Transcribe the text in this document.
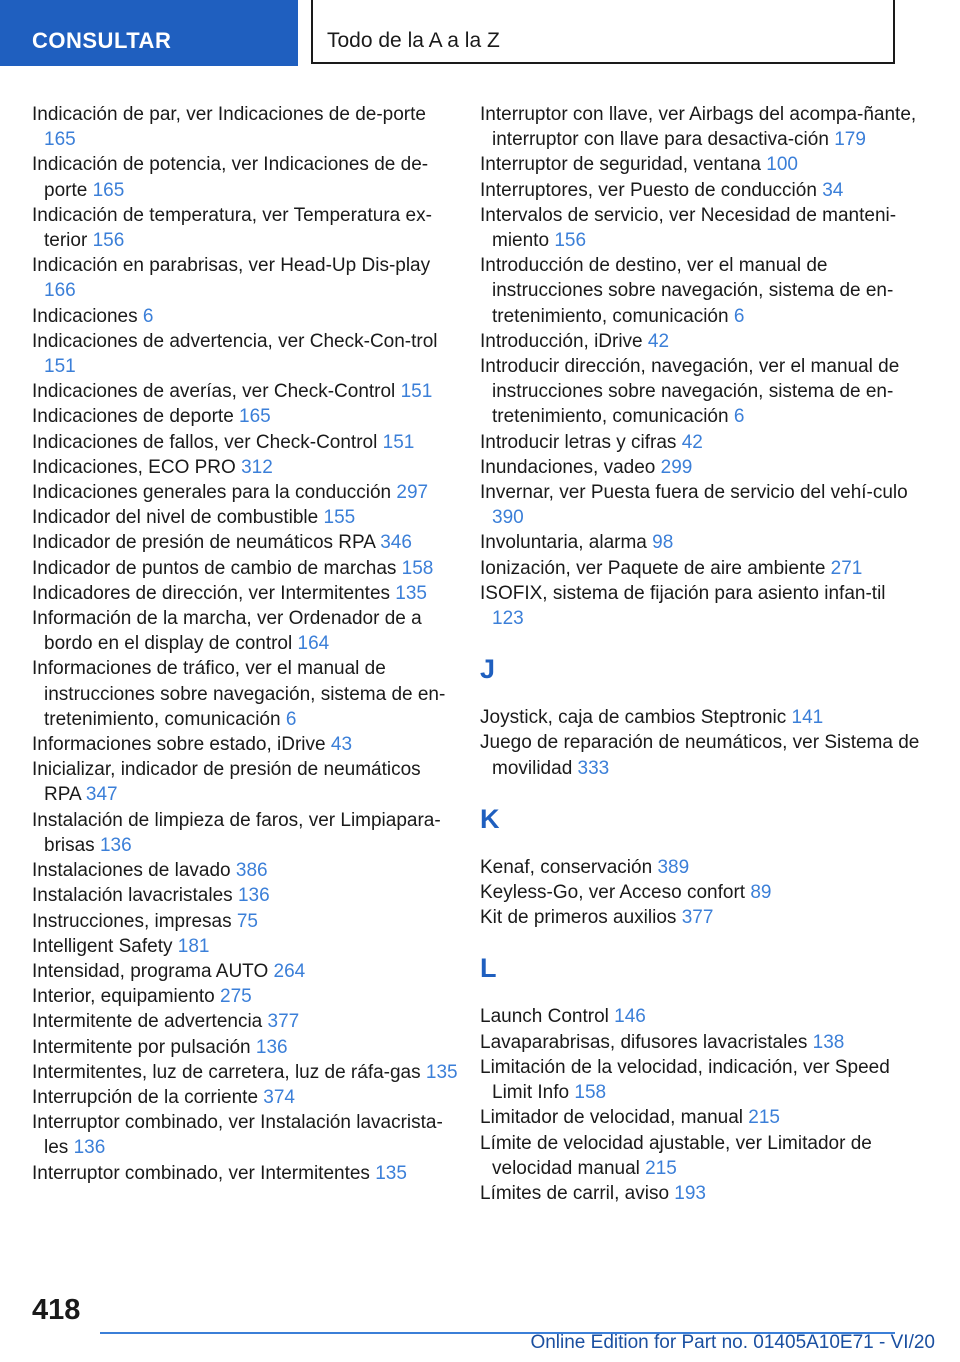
CONSULTAR	Todo de la A a la Z

Indicación de par, ver Indicaciones de de‐porte 165

Indicación de potencia, ver Indicaciones de de‐porte 165

Indicación de temperatura, ver Temperatura ex‐terior 156

Indicación en parabrisas, ver Head-Up Dis‐play 166

Indicaciones 6

Indicaciones de advertencia, ver Check-Con‐trol 151

Indicaciones de averías, ver Check-Control 151

Indicaciones de deporte 165

Indicaciones de fallos, ver Check-Control 151

Indicaciones, ECO PRO 312

Indicaciones generales para la conducción 297

Indicador del nivel de combustible 155

Indicador de presión de neumáticos RPA 346

Indicador de puntos de cambio de marchas 158

Indicadores de dirección, ver Intermitentes 135

Información de la marcha, ver Ordenador de a bordo en el display de control 164

Informaciones de tráfico, ver el manual de instrucciones sobre navegación, sistema de en‐tretenimiento, comunicación 6

Informaciones sobre estado, iDrive 43

Inicializar, indicador de presión de neumáticos RPA 347

Instalación de limpieza de faros, ver Limpiapara‐brisas 136

Instalaciones de lavado 386

Instalación lavacristales 136

Instrucciones, impresas 75

Intelligent Safety 181

Intensidad, programa AUTO 264

Interior, equipamiento 275

Intermitente de advertencia 377

Intermitente por pulsación 136

Intermitentes, luz de carretera, luz de ráfa‐gas 135

Interrupción de la corriente 374

Interruptor combinado, ver Instalación lavacrista‐les 136

Interruptor combinado, ver Intermitentes 135

Interruptor con llave, ver Airbags del acompa‐ñante, interruptor con llave para desactiva‐ción 179

Interruptor de seguridad, ventana 100

Interruptores, ver Puesto de conducción 34

Intervalos de servicio, ver Necesidad de manteni‐miento 156

Introducción de destino, ver el manual de instrucciones sobre navegación, sistema de en‐tretenimiento, comunicación 6

Introducción, iDrive 42

Introducir dirección, navegación, ver el manual de instrucciones sobre navegación, sistema de en‐tretenimiento, comunicación 6

Introducir letras y cifras 42

Inundaciones, vadeo 299

Invernar, ver Puesta fuera de servicio del vehí‐culo 390

Involuntaria, alarma 98

Ionización, ver Paquete de aire ambiente 271

ISOFIX, sistema de fijación para asiento infan‐til 123

J

Joystick, caja de cambios Steptronic 141

Juego de reparación de neumáticos, ver Sistema de movilidad 333

K

Kenaf, conservación 389

Keyless-Go, ver Acceso confort 89

Kit de primeros auxilios 377

L

Launch Control 146

Lavaparabrisas, difusores lavacristales 138

Limitación de la velocidad, indicación, ver Speed Limit Info 158

Limitador de velocidad, manual 215

Límite de velocidad ajustable, ver Limitador de velocidad manual 215

Límites de carril, aviso 193

418
Online Edition for Part no. 01405A10E71 - VI/20
